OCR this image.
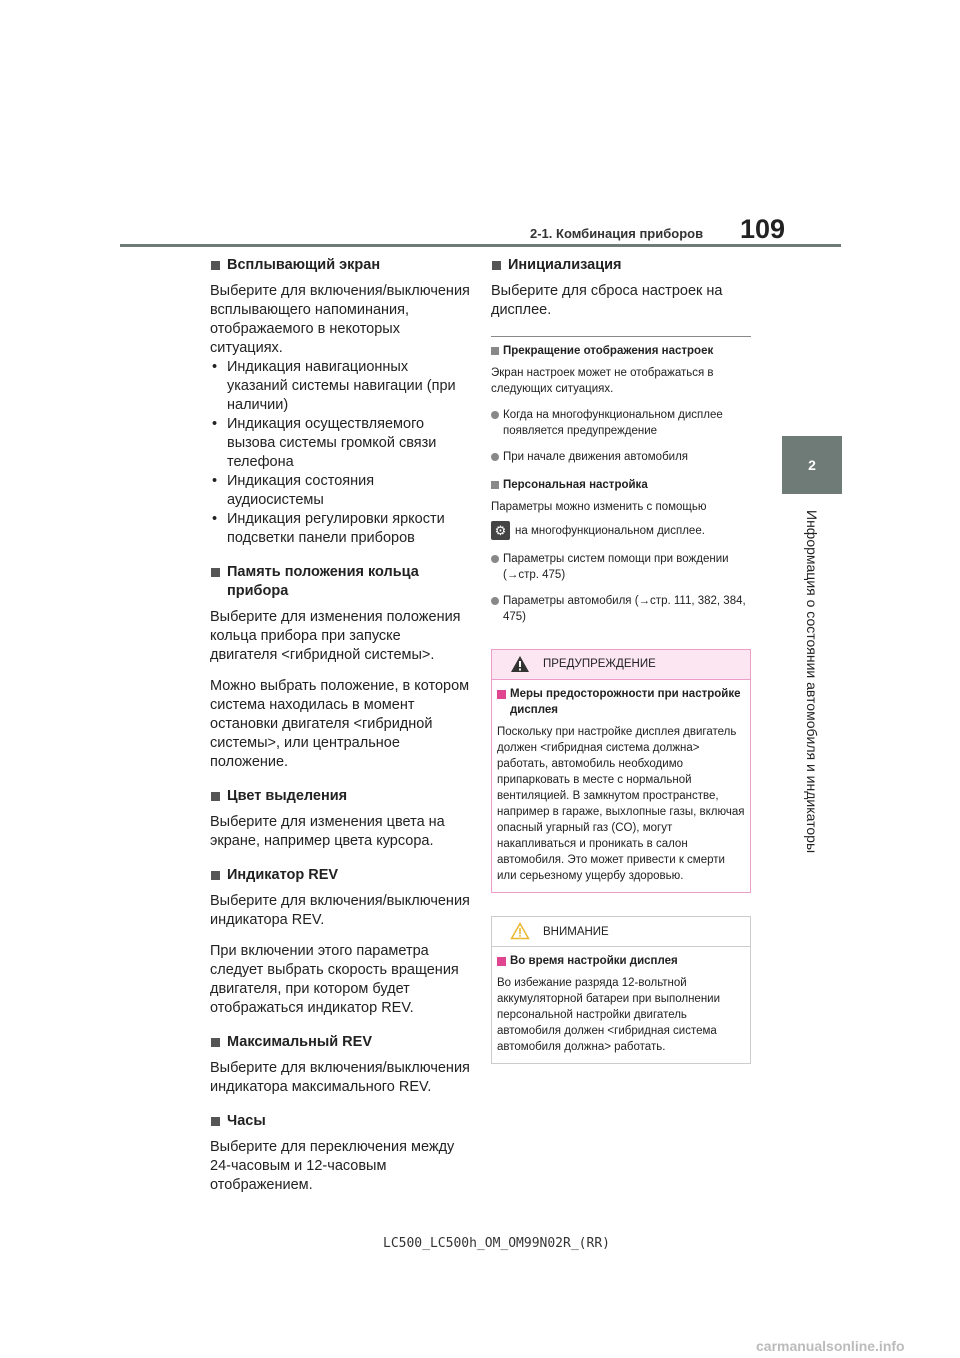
109
2-1. Комбинация приборов
2
Информация о состоянии автомобиля и индикаторы
Всплывающий экран
Выберите для включения/выключения всплывающего напоминания, отображаемого в некоторых ситуациях.
• Индикация навигационных указаний системы навигации (при наличии)
• Индикация осуществляемого вызова системы громкой связи телефона
• Индикация состояния аудиосистемы
• Индикация регулировки яркости подсветки панели приборов
Память положения кольца прибора
Выберите для изменения положения кольца прибора при запуске двигателя <гибридной системы>.
Можно выбрать положение, в котором система находилась в момент остановки двигателя <гибридной системы>, или центральное положение.
Цвет выделения
Выберите для изменения цвета на экране, например цвета курсора.
Индикатор REV
Выберите для включения/выключения индикатора REV.
При включении этого параметра следует выбрать скорость вращения двигателя, при котором будет отображаться индикатор REV.
Максимальный REV
Выберите для включения/выключения индикатора максимального REV.
Часы
Выберите для переключения между 24-часовым и 12-часовым отображением.
Инициализация
Выберите для сброса настроек на дисплее.
Прекращение отображения настроек
Экран настроек может не отображаться в следующих ситуациях.
Когда на многофункциональном дисплее появляется предупреждение
При начале движения автомобиля
Персональная настройка
Параметры можно изменить с помощью
⚙ на многофункциональном дисплее.
Параметры систем помощи при вождении (→стр. 475)
Параметры автомобиля (→стр. 111, 382, 384, 475)
ПРЕДУПРЕЖДЕНИЕ
Меры предосторожности при настройке дисплея
Поскольку при настройке дисплея двигатель должен <гибридная система должна> работать, автомобиль необходимо припарковать в месте с нормальной вентиляцией. В замкнутом пространстве, например в гараже, выхлопные газы, включая опасный угарный газ (CO), могут накапливаться и проникать в салон автомобиля. Это может привести к смерти или серьезному ущербу здоровью.
ВНИМАНИЕ
Во время настройки дисплея
Во избежание разряда 12-вольтной аккумуляторной батареи при выполнении персональной настройки двигатель автомобиля должен <гибридная система автомобиля должна> работать.
LC500_LC500h_OM_OM99N02R_(RR)
carmanualsonline.info
